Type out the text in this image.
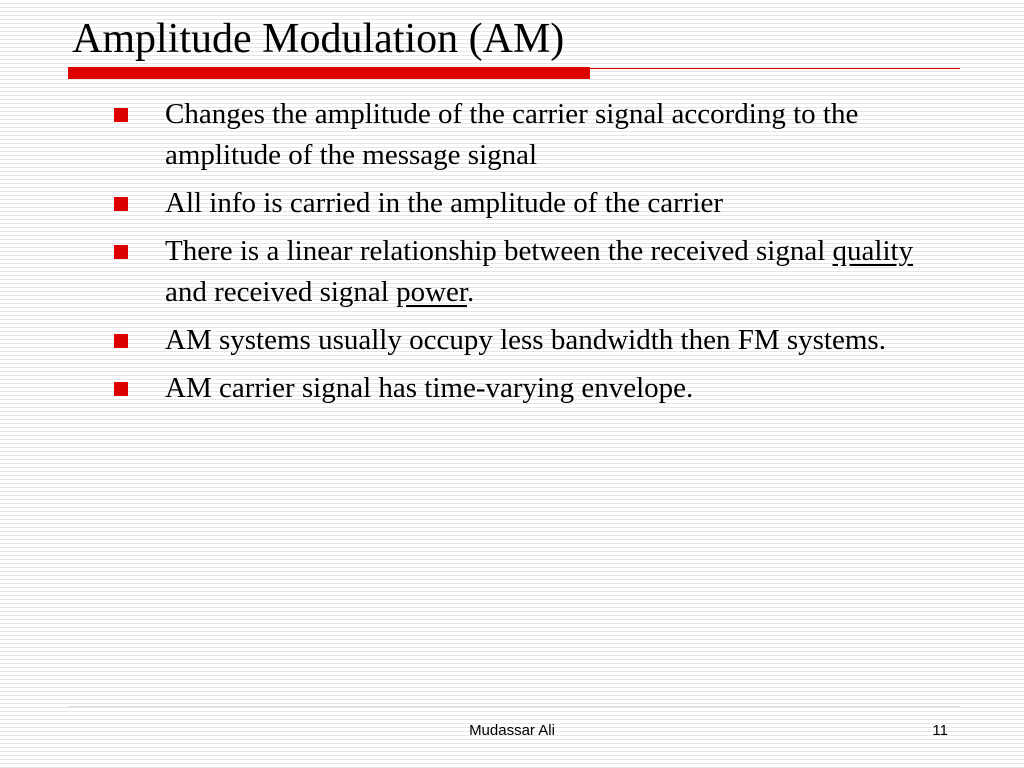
Amplitude Modulation (AM)
Changes the amplitude of the carrier signal according to the amplitude of the message signal
All info is carried in the amplitude of the carrier
There is a linear relationship between the received signal quality and received signal power.
AM systems usually occupy less bandwidth then FM systems.
AM carrier signal has time-varying envelope.
Mudassar Ali	11
